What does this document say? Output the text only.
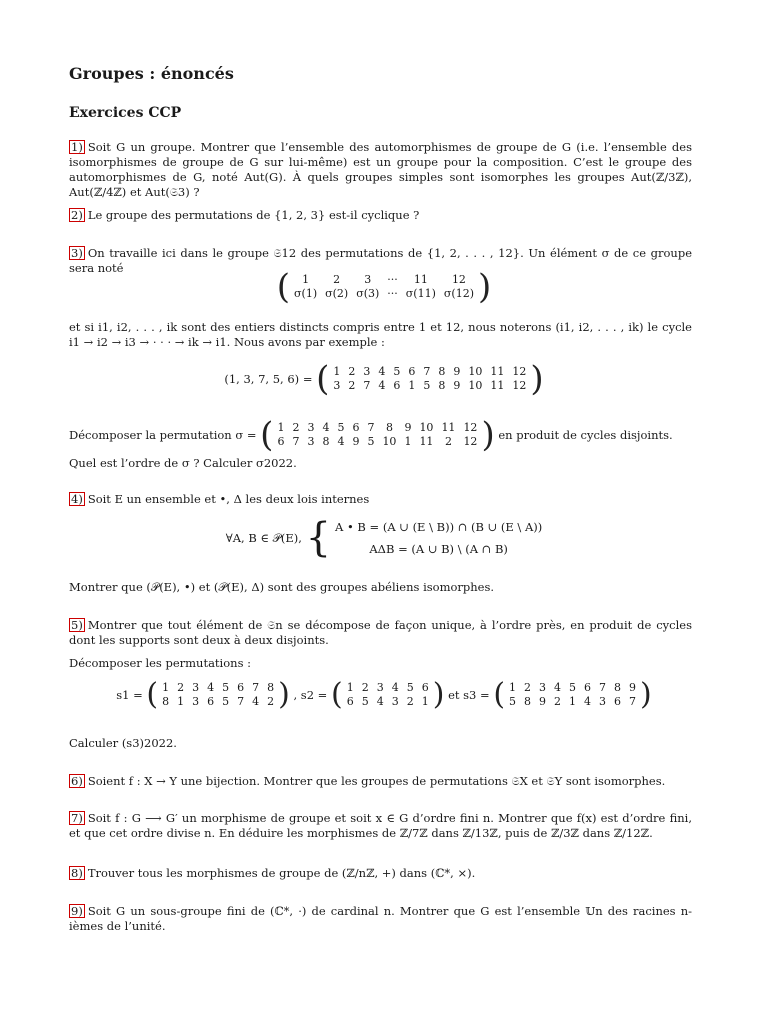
Groupes : énoncés
Exercices CCP
1) Soit G un groupe. Montrer que l’ensemble des automorphismes de groupe de G (i.e. l’ensemble des isomorphismes de groupe de G sur lui-même) est un groupe pour la composition. C’est le groupe des automorphismes de G, noté Aut(G). À quels groupes simples sont isomorphes les groupes Aut(ℤ/3ℤ), Aut(ℤ/4ℤ) et Aut(𝔖3) ?
2) Le groupe des permutations de {1, 2, 3} est-il cyclique ?
3) On travaille ici dans le groupe 𝔖12 des permutations de {1, 2, . . . , 12}. Un élément σ de ce groupe sera noté	( 1	2	3	···	11	12
σ(1)	σ(2)	σ(3)	···	σ(11)	σ(12) )
et si i1, i2, . . . , ik sont des entiers distincts compris entre 1 et 12, nous noterons (i1, i2, . . . , ik) le cycle i1 → i2 → i3 → · · · → ik → i1. Nous avons par exemple :
(1, 3, 7, 5, 6) =
( 1	2	3	4	5	6	7	8	9	10	11	12
3	2	7	4	6	1	5	8	9	10	11	12 )
Décomposer la permutation σ =
( 1	2	3	4	5	6	7	8	9	10	11	12
6	7	3	8	4	9	5	10	1	11	2	12 )
en produit de cycles disjoints.
Quel est l’ordre de σ ? Calculer σ2022.
4) Soit E un ensemble et •, Δ les deux lois internes
∀A, B ∈ 𝒫(E),
{ A • B = (A ∪ (E \ B)) ∩ (B ∪ (E \ A))
AΔB = (A ∪ B) \ (A ∩ B)
Montrer que (𝒫(E), •) et (𝒫(E), Δ) sont des groupes abéliens isomorphes.
5) Montrer que tout élément de 𝔖n se décompose de façon unique, à l’ordre près, en produit de cycles dont les supports sont deux à deux disjoints.
Décomposer les permutations :
s1 =
( 1	2	3	4	5	6	7	8
8	1	3	6	5	7	4	2 )
, s2 =
( 1	2	3	4	5	6
6	5	4	3	2	1 )
et s3 =
( 1	2	3	4	5	6	7	8	9
5	8	9	2	1	4	3	6	7 )
Calculer (s3)2022.
6) Soient f : X → Y une bijection. Montrer que les groupes de permutations 𝔖X et 𝔖Y sont isomorphes.
7) Soit f : G ⟶ G′ un morphisme de groupe et soit x ∈ G d’ordre fini n. Montrer que f(x) est d’ordre fini, et que cet ordre divise n. En déduire les morphismes de ℤ/7ℤ dans ℤ/13ℤ, puis de ℤ/3ℤ dans ℤ/12ℤ.
8) Trouver tous les morphismes de groupe de (ℤ/nℤ, +) dans (ℂ*, ×).
9) Soit G un sous-groupe fini de (ℂ*, ·) de cardinal n. Montrer que G est l’ensemble 𝕌n des racines n-ièmes de l’unité.
